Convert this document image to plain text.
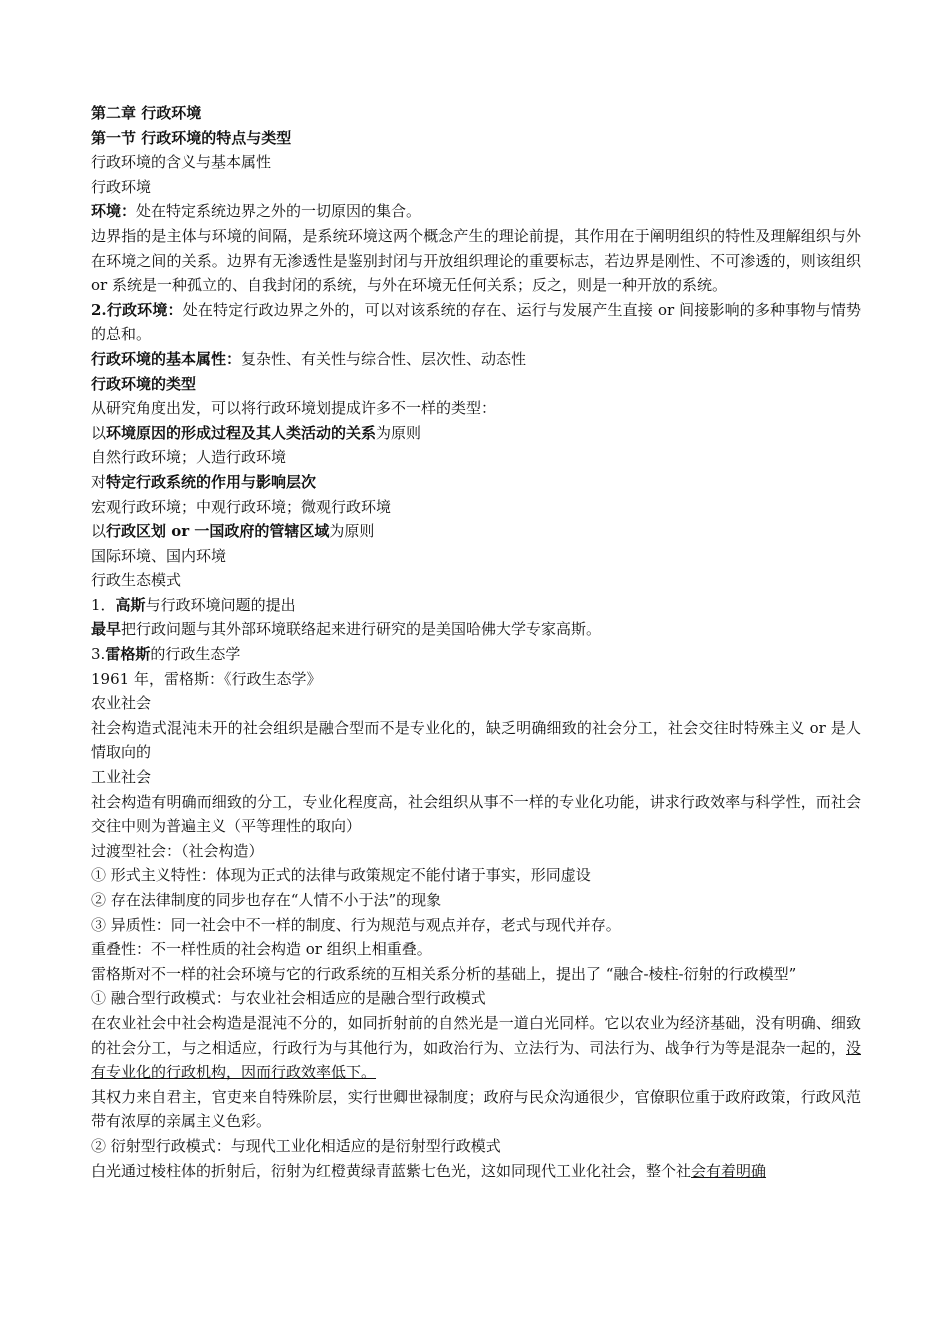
第二章 行政环境
第一节 行政环境的特点与类型
行政环境的含义与基本属性
行政环境
环境：处在特定系统边界之外的一切原因的集合。
边界指的是主体与环境的间隔，是系统环境这两个概念产生的理论前提，其作用在于阐明组织的特性及理解组织与外在环境之间的关系。边界有无渗透性是鉴别封闭与开放组织理论的重要标志，若边界是刚性、不可渗透的，则该组织 or 系统是一种孤立的、自我封闭的系统，与外在环境无任何关系；反之，则是一种开放的系统。
2.行政环境：处在特定行政边界之外的，可以对该系统的存在、运行与发展产生直接 or 间接影响的多种事物与情势的总和。
行政环境的基本属性：复杂性、有关性与综合性、层次性、动态性
行政环境的类型
从研究角度出发，可以将行政环境划提成许多不一样的类型：
以环境原因的形成过程及其人类活动的关系为原则
自然行政环境；人造行政环境
对特定行政系统的作用与影响层次
宏观行政环境；中观行政环境；微观行政环境
以行政区划 or 一国政府的管辖区域为原则
国际环境、国内环境
行政生态模式
1．高斯与行政环境问题的提出
最早把行政问题与其外部环境联络起来进行研究的是美国哈佛大学专家高斯。
3.雷格斯的行政生态学
1961 年，雷格斯：《行政生态学》
农业社会
社会构造式混沌未开的社会组织是融合型而不是专业化的，缺乏明确细致的社会分工，社会交往时特殊主义 or 是人情取向的
工业社会
社会构造有明确而细致的分工，专业化程度高，社会组织从事不一样的专业化功能，讲求行政效率与科学性，而社会交往中则为普遍主义（平等理性的取向）
过渡型社会：（社会构造）
① 形式主义特性：体现为正式的法律与政策规定不能付诸于事实，形同虚设
② 存在法律制度的同步也存在“人情不小于法”的现象
③ 异质性：同一社会中不一样的制度、行为规范与观点并存，老式与现代并存。
重叠性：不一样性质的社会构造 or 组织上相重叠。
雷格斯对不一样的社会环境与它的行政系统的互相关系分析的基础上，提出了 “融合-棱柱-衍射的行政模型”
① 融合型行政模式：与农业社会相适应的是融合型行政模式
在农业社会中社会构造是混沌不分的，如同折射前的自然光是一道白光同样。它以农业为经济基础，没有明确、细致的社会分工，与之相适应，行政行为与其他行为，如政治行为、立法行为、司法行为、战争行为等是混杂一起的，没有专业化的行政机构，因而行政效率低下。
其权力来自君主，官吏来自特殊阶层，实行世卿世禄制度；政府与民众沟通很少，官僚职位重于政府政策，行政风范带有浓厚的亲属主义色彩。
② 衍射型行政模式：与现代工业化相适应的是衍射型行政模式
白光通过棱柱体的折射后，衍射为红橙黄绿青蓝紫七色光，这如同现代工业化社会，整个社会有着明确
